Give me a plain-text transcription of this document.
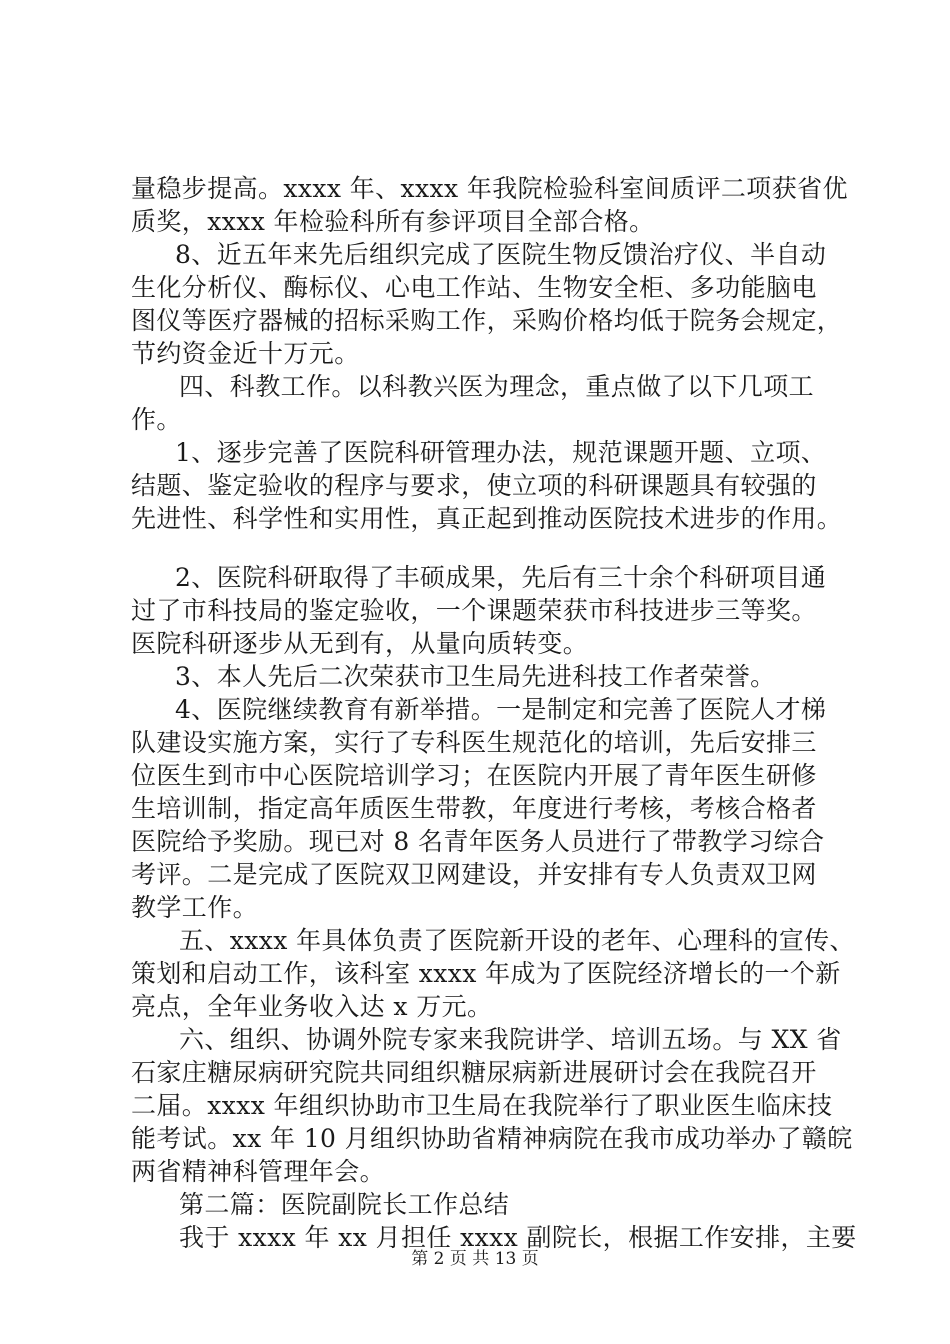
量稳步提高。xxxx 年、xxxx 年我院检验科室间质评二项获省优
质奖，xxxx 年检验科所有参评项目全部合格。
8、近五年来先后组织完成了医院生物反馈治疗仪、半自动
生化分析仪、酶标仪、心电工作站、生物安全柜、多功能脑电
图仪等医疗器械的招标采购工作，采购价格均低于院务会规定，
节约资金近十万元。
四、科教工作。以科教兴医为理念，重点做了以下几项工
作。
1、逐步完善了医院科研管理办法，规范课题开题、立项、
结题、鉴定验收的程序与要求，使立项的科研课题具有较强的
先进性、科学性和实用性，真正起到推动医院技术进步的作用。
2、医院科研取得了丰硕成果，先后有三十余个科研项目通
过了市科技局的鉴定验收，一个课题荣获市科技进步三等奖。
医院科研逐步从无到有，从量向质转变。
3、本人先后二次荣获市卫生局先进科技工作者荣誉。
4、医院继续教育有新举措。一是制定和完善了医院人才梯
队建设实施方案，实行了专科医生规范化的培训，先后安排三
位医生到市中心医院培训学习；在医院内开展了青年医生研修
生培训制，指定高年质医生带教，年度进行考核，考核合格者
医院给予奖励。现已对 8 名青年医务人员进行了带教学习综合
考评。二是完成了医院双卫网建设，并安排有专人负责双卫网
教学工作。
五、xxxx 年具体负责了医院新开设的老年、心理科的宣传、
策划和启动工作，该科室 xxxx 年成为了医院经济增长的一个新
亮点，全年业务收入达 x 万元。
六、组织、协调外院专家来我院讲学、培训五场。与 XX 省
石家庄糖尿病研究院共同组织糖尿病新进展研讨会在我院召开
二届。xxxx 年组织协助市卫生局在我院举行了职业医生临床技
能考试。xx 年 10 月组织协助省精神病院在我市成功举办了赣皖
两省精神科管理年会。
第二篇：医院副院长工作总结
我于 xxxx 年 xx 月担任 xxxx 副院长，根据工作安排，主要
第 2 页 共 13 页
